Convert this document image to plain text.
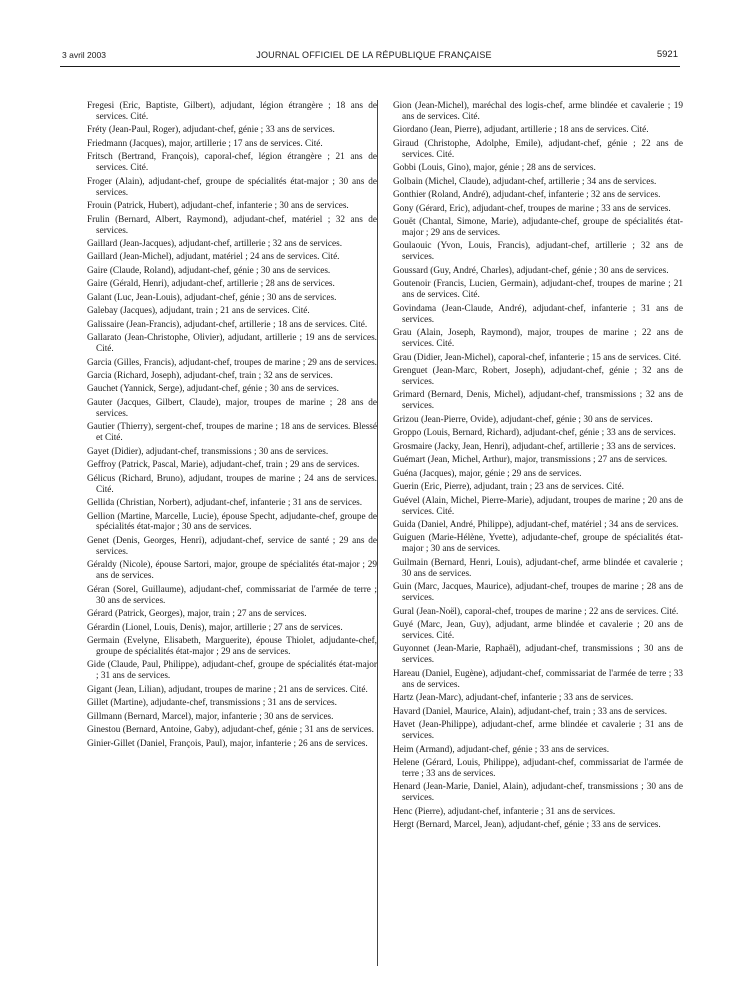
3 avril 2003	JOURNAL OFFICIEL DE LA RÉPUBLIQUE FRANÇAISE	5921

Fregesi (Eric, Baptiste, Gilbert), adjudant, légion étrangère ; 18 ans de services. Cité.

Fréty (Jean-Paul, Roger), adjudant-chef, génie ; 33 ans de services.

Friedmann (Jacques), major, artillerie ; 17 ans de services. Cité.

Fritsch (Bertrand, François), caporal-chef, légion étrangère ; 21 ans de services. Cité.

Froger (Alain), adjudant-chef, groupe de spécialités état-major ; 30 ans de services.

Frouin (Patrick, Hubert), adjudant-chef, infanterie ; 30 ans de services.

Frulin (Bernard, Albert, Raymond), adjudant-chef, matériel ; 32 ans de services.

Gaillard (Jean-Jacques), adjudant-chef, artillerie ; 32 ans de services.

Gaillard (Jean-Michel), adjudant, matériel ; 24 ans de services. Cité.

Gaire (Claude, Roland), adjudant-chef, génie ; 30 ans de services.

Gaire (Gérald, Henri), adjudant-chef, artillerie ; 28 ans de services.

Galant (Luc, Jean-Louis), adjudant-chef, génie ; 30 ans de services.

Galebay (Jacques), adjudant, train ; 21 ans de services. Cité.

Galissaire (Jean-Francis), adjudant-chef, artillerie ; 18 ans de services. Cité.

Gallarato (Jean-Christophe, Olivier), adjudant, artillerie ; 19 ans de services. Cité.

Garcia (Gilles, Francis), adjudant-chef, troupes de marine ; 29 ans de services.

Garcia (Richard, Joseph), adjudant-chef, train ; 32 ans de services.

Gauchet (Yannick, Serge), adjudant-chef, génie ; 30 ans de services.

Gauter (Jacques, Gilbert, Claude), major, troupes de marine ; 28 ans de services.

Gautier (Thierry), sergent-chef, troupes de marine ; 18 ans de services. Blessé et Cité.

Gayet (Didier), adjudant-chef, transmissions ; 30 ans de services.

Geffroy (Patrick, Pascal, Marie), adjudant-chef, train ; 29 ans de services.

Gélicus (Richard, Bruno), adjudant, troupes de marine ; 24 ans de services. Cité.

Gellida (Christian, Norbert), adjudant-chef, infanterie ; 31 ans de services.

Gellion (Martine, Marcelle, Lucie), épouse Specht, adjudante-chef, groupe de spécialités état-major ; 30 ans de services.

Genet (Denis, Georges, Henri), adjudant-chef, service de santé ; 29 ans de services.

Géraldy (Nicole), épouse Sartori, major, groupe de spécialités état-major ; 29 ans de services.

Géran (Sorel, Guillaume), adjudant-chef, commissariat de l'armée de terre ; 30 ans de services.

Gérard (Patrick, Georges), major, train ; 27 ans de services.

Gérardin (Lionel, Louis, Denis), major, artillerie ; 27 ans de services.

Germain (Evelyne, Elisabeth, Marguerite), épouse Thiolet, adjudante-chef, groupe de spécialités état-major ; 29 ans de services.

Gide (Claude, Paul, Philippe), adjudant-chef, groupe de spécialités état-major ; 31 ans de services.

Gigant (Jean, Lilian), adjudant, troupes de marine ; 21 ans de services. Cité.

Gillet (Martine), adjudante-chef, transmissions ; 31 ans de services.

Gillmann (Bernard, Marcel), major, infanterie ; 30 ans de services.

Ginestou (Bernard, Antoine, Gaby), adjudant-chef, génie ; 31 ans de services.

Ginier-Gillet (Daniel, François, Paul), major, infanterie ; 26 ans de services.

Gion (Jean-Michel), maréchal des logis-chef, arme blindée et cavalerie ; 19 ans de services. Cité.

Giordano (Jean, Pierre), adjudant, artillerie ; 18 ans de services. Cité.

Giraud (Christophe, Adolphe, Emile), adjudant-chef, génie ; 22 ans de services. Cité.

Gobbi (Louis, Gino), major, génie ; 28 ans de services.

Golbain (Michel, Claude), adjudant-chef, artillerie ; 34 ans de services.

Gonthier (Roland, André), adjudant-chef, infanterie ; 32 ans de services.

Gony (Gérard, Eric), adjudant-chef, troupes de marine ; 33 ans de services.

Gouët (Chantal, Simone, Marie), adjudante-chef, groupe de spécialités état-major ; 29 ans de services.

Goulaouic (Yvon, Louis, Francis), adjudant-chef, artillerie ; 32 ans de services.

Goussard (Guy, André, Charles), adjudant-chef, génie ; 30 ans de services.

Goutenoir (Francis, Lucien, Germain), adjudant-chef, troupes de marine ; 21 ans de services. Cité.

Govindama (Jean-Claude, André), adjudant-chef, infanterie ; 31 ans de services.

Grau (Alain, Joseph, Raymond), major, troupes de marine ; 22 ans de services. Cité.

Grau (Didier, Jean-Michel), caporal-chef, infanterie ; 15 ans de services. Cité.

Grenguet (Jean-Marc, Robert, Joseph), adjudant-chef, génie ; 32 ans de services.

Grimard (Bernard, Denis, Michel), adjudant-chef, transmissions ; 32 ans de services.

Grizou (Jean-Pierre, Ovide), adjudant-chef, génie ; 30 ans de services.

Groppo (Louis, Bernard, Richard), adjudant-chef, génie ; 33 ans de services.

Grosmaire (Jacky, Jean, Henri), adjudant-chef, artillerie ; 33 ans de services.

Guémart (Jean, Michel, Arthur), major, transmissions ; 27 ans de services.

Guéna (Jacques), major, génie ; 29 ans de services.

Guerin (Eric, Pierre), adjudant, train ; 23 ans de services. Cité.

Guével (Alain, Michel, Pierre-Marie), adjudant, troupes de marine ; 20 ans de services. Cité.

Guida (Daniel, André, Philippe), adjudant-chef, matériel ; 34 ans de services.

Guiguen (Marie-Hélène, Yvette), adjudante-chef, groupe de spécialités état-major ; 30 ans de services.

Guilmain (Bernard, Henri, Louis), adjudant-chef, arme blindée et cavalerie ; 30 ans de services.

Guin (Marc, Jacques, Maurice), adjudant-chef, troupes de marine ; 28 ans de services.

Gural (Jean-Noël), caporal-chef, troupes de marine ; 22 ans de services. Cité.

Guyé (Marc, Jean, Guy), adjudant, arme blindée et cavalerie ; 20 ans de services. Cité.

Guyonnet (Jean-Marie, Raphaël), adjudant-chef, transmissions ; 30 ans de services.

Hareau (Daniel, Eugène), adjudant-chef, commissariat de l'armée de terre ; 33 ans de services.

Hartz (Jean-Marc), adjudant-chef, infanterie ; 33 ans de services.

Havard (Daniel, Maurice, Alain), adjudant-chef, train ; 33 ans de services.

Havet (Jean-Philippe), adjudant-chef, arme blindée et cavalerie ; 31 ans de services.

Heim (Armand), adjudant-chef, génie ; 33 ans de services.

Helene (Gérard, Louis, Philippe), adjudant-chef, commissariat de l'armée de terre ; 33 ans de services.

Henard (Jean-Marie, Daniel, Alain), adjudant-chef, transmissions ; 30 ans de services.

Henc (Pierre), adjudant-chef, infanterie ; 31 ans de services.

Hergt (Bernard, Marcel, Jean), adjudant-chef, génie ; 33 ans de services.
